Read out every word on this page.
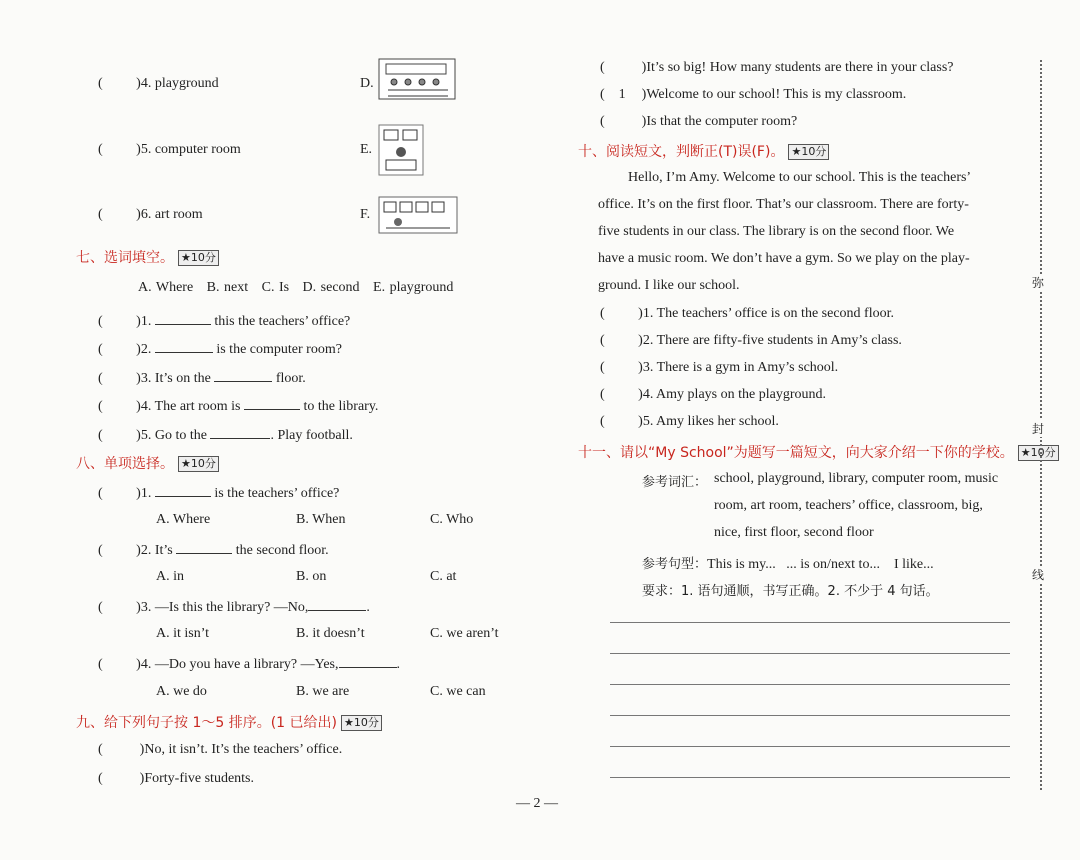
( )4. playground	D.
( )5. computer room	E.
( )6. art room	F.
七、选词填空。 ★10分
A. Where   B. next   C. Is   D. second   E. playground
( )1.	this the teachers’ office?
( )2.	is the computer room?
( )3. It’s on the	floor.
( )4. The art room is	to the library.
( )5. Go to the	. Play football.
八、单项选择。 ★10分
( )1.	is the teachers’ office?
A. Where	B. When	C. Who
( )2. It’s	the second floor.
A. in	B. on	C. at
( )3. —Is this the library? —No,	.
A. it isn’t	B. it doesn’t	C. we aren’t
( )4. —Do you have a library? —Yes,	.
A. we do	B. we are	C. we can
九、给下列句子按 1～5 排序。(1 已给出) ★10分
(	)No, it isn’t. It’s the teachers’ office.
(	)Forty-five students.
(	)It’s so big! How many students are there in your class?
( 1 )Welcome to our school! This is my classroom.
(	)Is that the computer room?
十、阅读短文，判断正(T)误(F)。 ★10分
Hello, I’m Amy. Welcome to our school. This is the teachers’
office. It’s on the first floor. That’s our classroom. There are forty-
five students in our class. The library is on the second floor. We
have a music room. We don’t have a gym. So we play on the play-
ground. I like our school.
( )1. The teachers’ office is on the second floor.
( )2. There are fifty-five students in Amy’s class.
( )3. There is a gym in Amy’s school.
( )4. Amy plays on the playground.
( )5. Amy likes her school.
十一、请以“My School”为题写一篇短文，向大家介绍一下你的学校。 ★10分
参考词汇： school, playground, library, computer room, music
room, art room, teachers’ office, classroom, big,
nice, first floor, second floor
参考句型：This is my...   ... is on/next to...    I like...
要求：1. 语句通顺，书写正确。2. 不少于 4 句话。
弥
封
线
— 2 —
